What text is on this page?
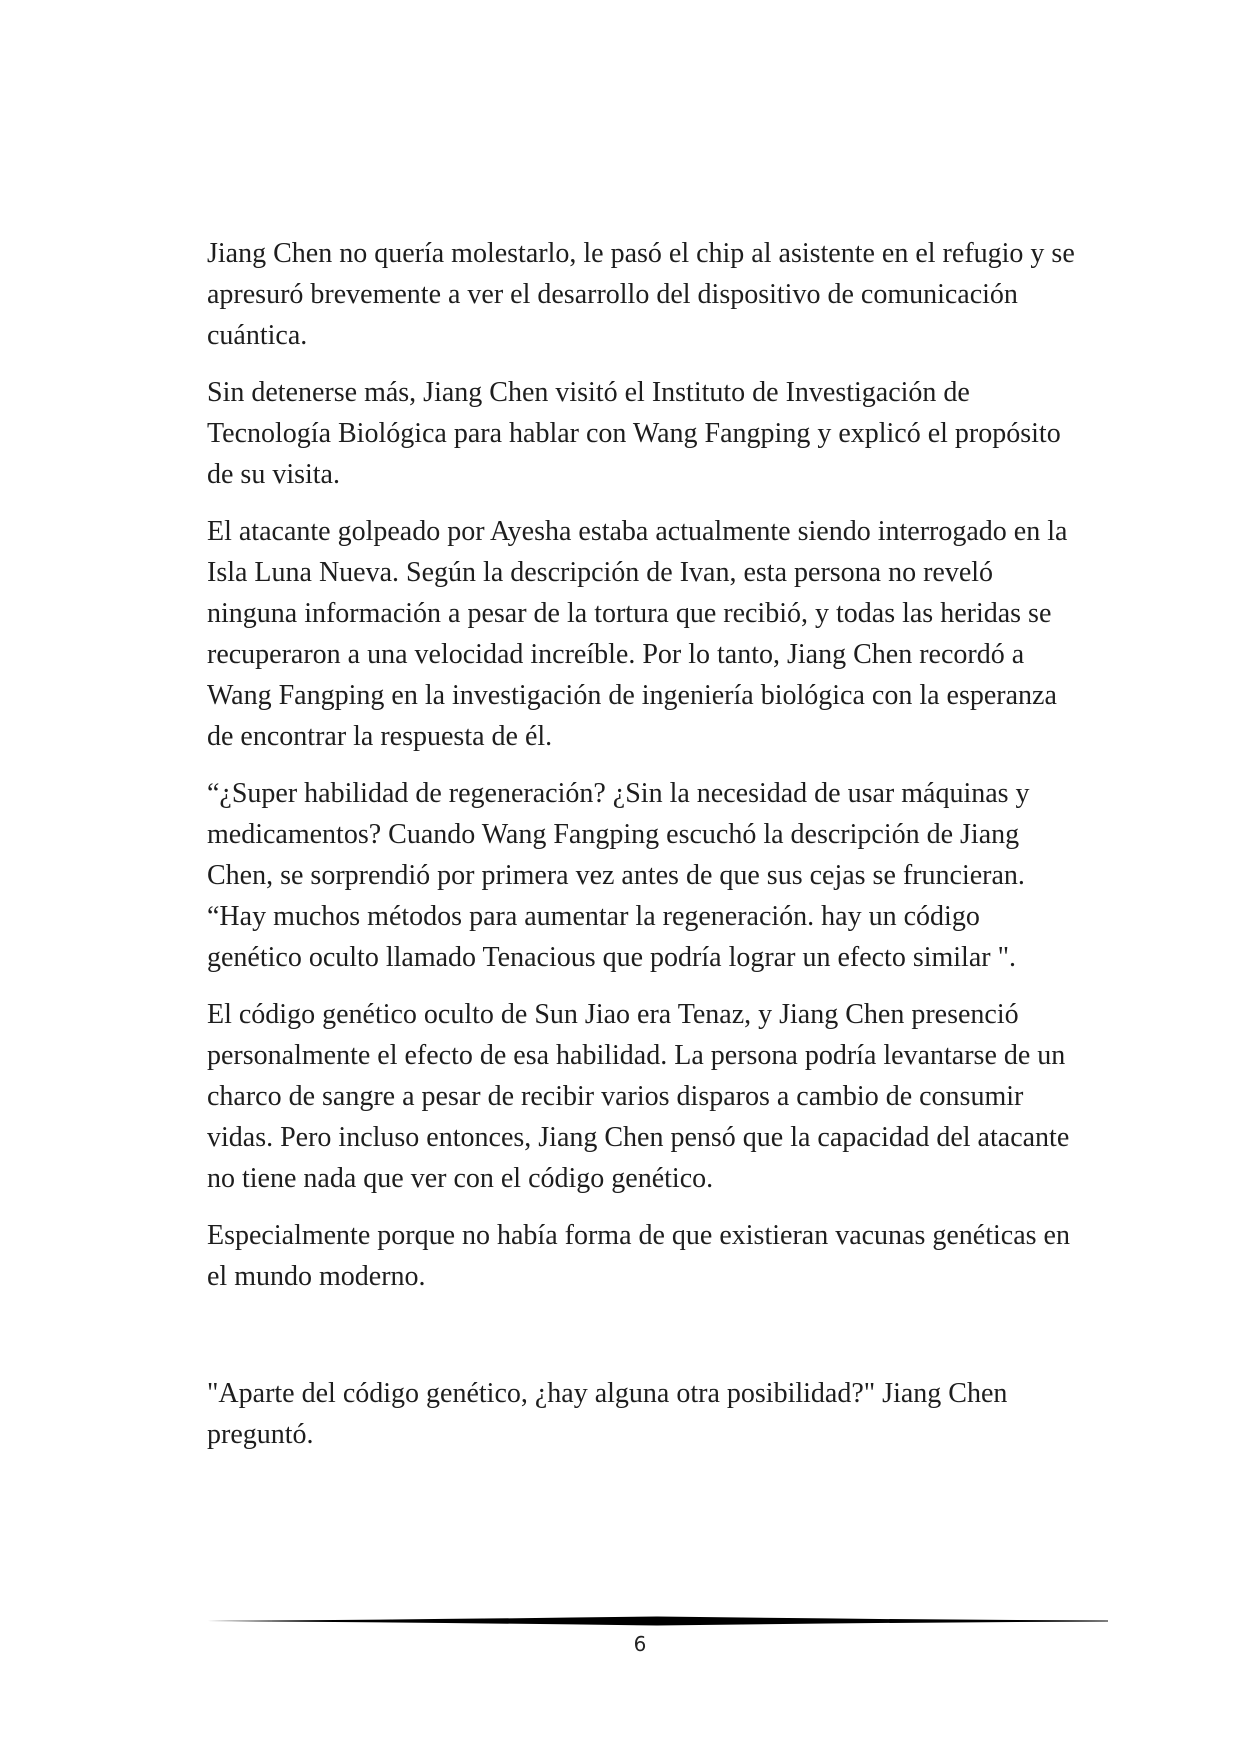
Jiang Chen no quería molestarlo, le pasó el chip al asistente en el refugio y se apresuró brevemente a ver el desarrollo del dispositivo de comunicación cuántica.

Sin detenerse más, Jiang Chen visitó el Instituto de Investigación de Tecnología Biológica para hablar con Wang Fangping y explicó el propósito de su visita.

El atacante golpeado por Ayesha estaba actualmente siendo interrogado en la Isla Luna Nueva. Según la descripción de Ivan, esta persona no reveló ninguna información a pesar de la tortura que recibió, y todas las heridas se recuperaron a una velocidad increíble. Por lo tanto, Jiang Chen recordó a Wang Fangping en la investigación de ingeniería biológica con la esperanza de encontrar la respuesta de él.

“¿Super habilidad de regeneración? ¿Sin la necesidad de usar máquinas y medicamentos? Cuando Wang Fangping escuchó la descripción de Jiang Chen, se sorprendió por primera vez antes de que sus cejas se fruncieran. “Hay muchos métodos para aumentar la regeneración. hay un código genético oculto llamado Tenacious que podría lograr un efecto similar ".

El código genético oculto de Sun Jiao era Tenaz, y Jiang Chen presenció personalmente el efecto de esa habilidad. La persona podría levantarse de un charco de sangre a pesar de recibir varios disparos a cambio de consumir vidas. Pero incluso entonces, Jiang Chen pensó que la capacidad del atacante no tiene nada que ver con el código genético.

Especialmente porque no había forma de que existieran vacunas genéticas en el mundo moderno.

"Aparte del código genético, ¿hay alguna otra posibilidad?" Jiang Chen preguntó.

6
